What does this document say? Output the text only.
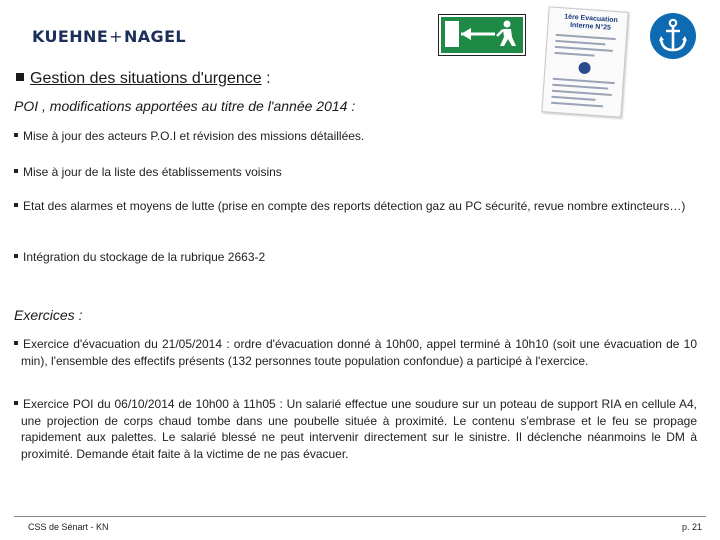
KUEHNE+NAGEL
1ère Evacuation
Interne N°25
Gestion des situations d'urgence :
POI , modifications apportées au titre de l'année 2014 :
Mise à jour des acteurs P.O.I et révision des missions détaillées.
Mise à jour de la liste des établissements voisins
Etat des alarmes et moyens de lutte (prise en compte des reports détection gaz au PC sécurité, revue nombre extincteurs…)
Intégration du stockage de la rubrique 2663-2
Exercices :
Exercice d'évacuation du 21/05/2014 : ordre d'évacuation donné à 10h00, appel terminé à 10h10 (soit une évacuation de 10 min), l'ensemble des effectifs présents (132 personnes toute population confondue) a participé à l'exercice.
Exercice POI du 06/10/2014 de 10h00 à 11h05 : Un salarié effectue une soudure sur un poteau de support RIA en cellule A4, une projection de corps chaud tombe dans une poubelle située à proximité. Le contenu s'embrase et le feu se propage rapidement aux palettes. Le salarié blessé ne peut intervenir directement sur le sinistre. Il déclenche néanmoins le DM à proximité. Demande était faite à la victime de ne pas évacuer.
CSS de Sénart - KN	p. 21
